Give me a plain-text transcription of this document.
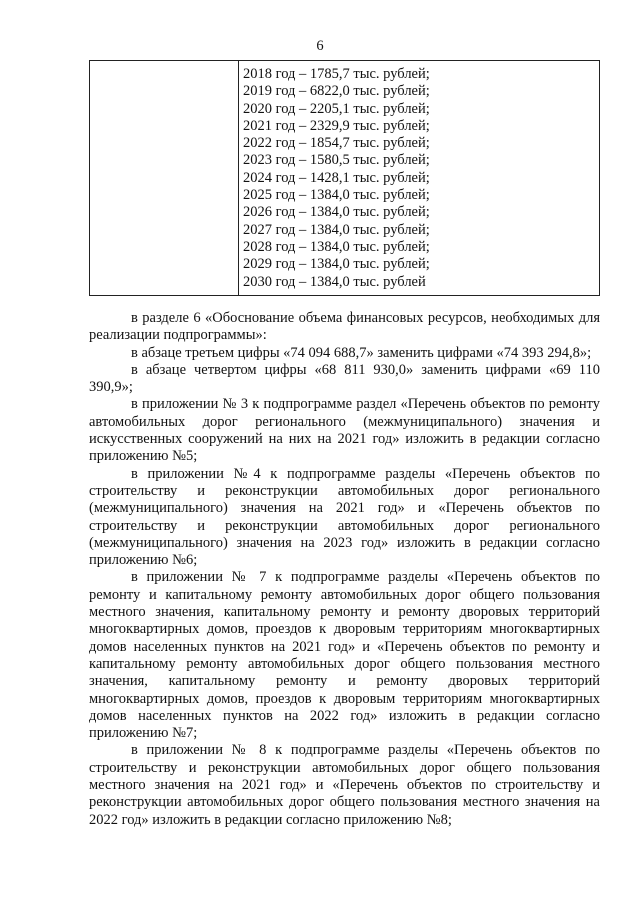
6

2018 год – 1785,7 тыс. рублей;
2019 год – 6822,0 тыс. рублей;
2020 год – 2205,1 тыс. рублей;
2021 год – 2329,9 тыс. рублей;
2022 год – 1854,7 тыс. рублей;
2023 год – 1580,5 тыс. рублей;
2024 год – 1428,1 тыс. рублей;
2025 год – 1384,0 тыс. рублей;
2026 год – 1384,0 тыс. рублей;
2027 год – 1384,0 тыс. рублей;
2028 год – 1384,0 тыс. рублей;
2029 год – 1384,0 тыс. рублей;
2030 год – 1384,0 тыс. рублей

в разделе 6 «Обоснование объема финансовых ресурсов, необходимых для реализации подпрограммы»:

в абзаце третьем цифры «74 094 688,7» заменить цифрами «74 393 294,8»;

в абзаце четвертом цифры «68 811 930,0» заменить цифрами «69 110 390,9»;

в приложении № 3 к подпрограмме раздел «Перечень объектов по ремонту автомобильных дорог регионального (межмуниципального) значения и искусственных сооружений на них на 2021 год» изложить в редакции согласно приложению №5;

в приложении №4 к подпрограмме разделы «Перечень объектов по строительству и реконструкции автомобильных дорог регионального (межмуниципального) значения на 2021 год» и «Перечень объектов по строительству и реконструкции автомобильных дорог регионального (межмуниципального) значения на 2023 год» изложить в редакции согласно приложению №6;

в приложении № 7 к подпрограмме разделы «Перечень объектов по ремонту и капитальному ремонту автомобильных дорог общего пользования местного значения, капитальному ремонту и ремонту дворовых территорий многоквартирных домов, проездов к дворовым территориям многоквартирных домов населенных пунктов на 2021 год» и «Перечень объектов по ремонту и капитальному ремонту автомобильных дорог общего пользования местного значения, капитальному ремонту и ремонту дворовых территорий многоквартирных домов, проездов к дворовым территориям многоквартирных домов населенных пунктов на 2022 год» изложить в редакции согласно приложению №7;

в приложении № 8 к подпрограмме разделы «Перечень объектов по строительству и реконструкции автомобильных дорог общего пользования местного значения на 2021 год» и «Перечень объектов по строительству и реконструкции автомобильных дорог общего пользования местного значения на 2022 год» изложить в редакции согласно приложению №8;
